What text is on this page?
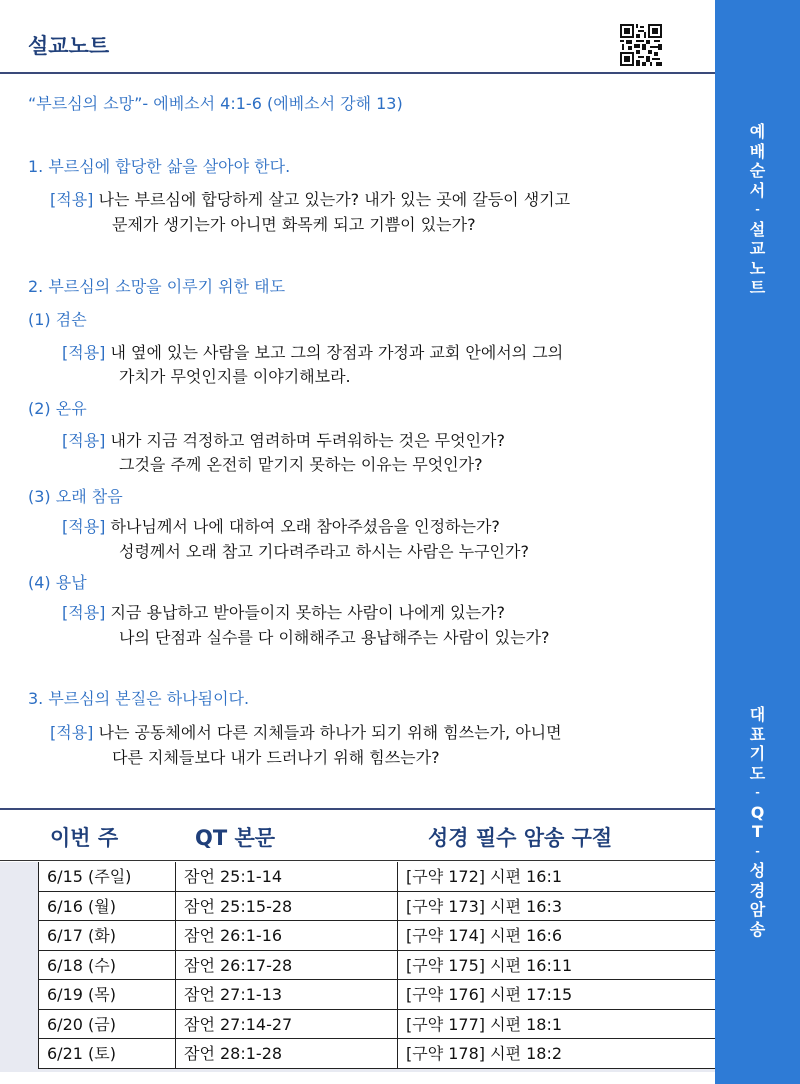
예
배
순
서
-
설
교
노
트
대
표
기
도
-
Q
T
-
성
경
암
송
설교노트
“부르심의 소망”- 에베소서 4:1-6 (에베소서 강해 13)
1. 부르심에 합당한 삶을 살아야 한다.
[적용] 나는 부르심에 합당하게 살고 있는가? 내가 있는 곳에 갈등이 생기고
문제가 생기는가 아니면 화목케 되고 기쁨이 있는가?
2. 부르심의 소망을 이루기 위한 태도
(1) 겸손
[적용] 내 옆에 있는 사람을 보고 그의 장점과 가정과 교회 안에서의 그의
가치가 무엇인지를 이야기해보라.
(2) 온유
[적용] 내가 지금 걱정하고 염려하며 두려워하는 것은 무엇인가?
그것을 주께 온전히 맡기지 못하는 이유는 무엇인가?
(3) 오래 참음
[적용] 하나님께서 나에 대하여 오래 참아주셨음을 인정하는가?
성령께서 오래 참고 기다려주라고 하시는 사람은 누구인가?
(4) 용납
[적용] 지금 용납하고 받아들이지 못하는 사람이 나에게 있는가?
나의 단점과 실수를 다 이해해주고 용납해주는 사람이 있는가?
3. 부르심의 본질은 하나됨이다.
[적용] 나는 공동체에서 다른 지체들과 하나가 되기 위해 힘쓰는가, 아니면
다른 지체들보다 내가 드러나기 위해 힘쓰는가?
이번 주	QT 본문	성경 필수 암송 구절
6/15 (주일)	잠언 25:1-14	[구약 172] 시편 16:1
6/16 (월)	잠언 25:15-28	[구약 173] 시편 16:3
6/17 (화)	잠언 26:1-16	[구약 174] 시편 16:6
6/18 (수)	잠언 26:17-28	[구약 175] 시편 16:11
6/19 (목)	잠언 27:1-13	[구약 176] 시편 17:15
6/20 (금)	잠언 27:14-27	[구약 177] 시편 18:1
6/21 (토)	잠언 28:1-28	[구약 178] 시편 18:2
